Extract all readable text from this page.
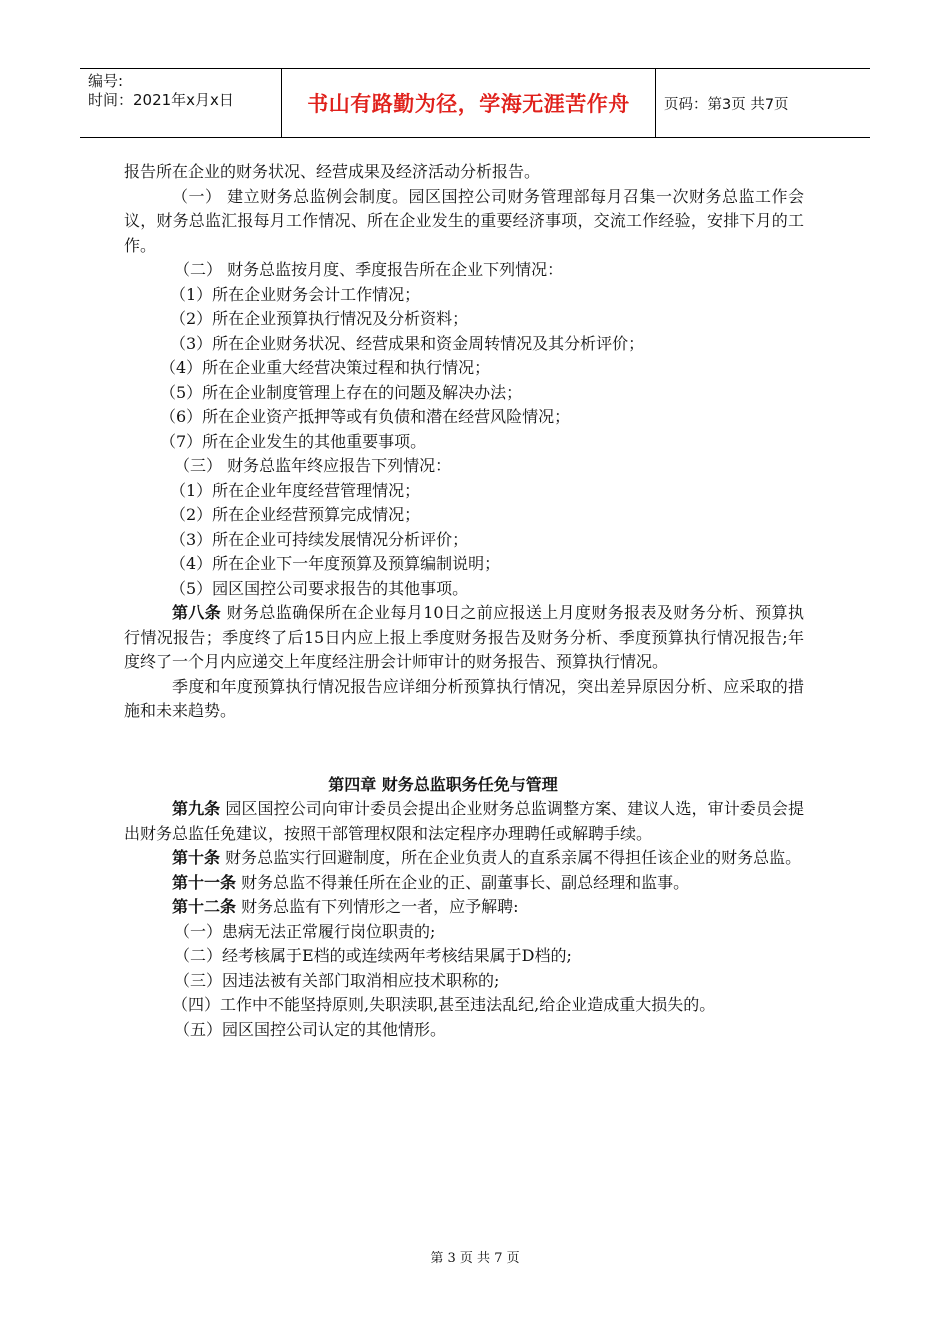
编号:
时间：2021年x月x日	书山有路勤为径，学海无涯苦作舟	页码：第3页 共7页

报告所在企业的财务状况、经营成果及经济活动分析报告。

（一） 建立财务总监例会制度。园区国控公司财务管理部每月召集一次财务总监工作会议，财务总监汇报每月工作情况、所在企业发生的重要经济事项，交流工作经验，安排下月的工作。

（二） 财务总监按月度、季度报告所在企业下列情况：

（1）所在企业财务会计工作情况；

（2）所在企业预算执行情况及分析资料；

（3）所在企业财务状况、经营成果和资金周转情况及其分析评价；

（4）所在企业重大经营决策过程和执行情况；

（5）所在企业制度管理上存在的问题及解决办法；

（6）所在企业资产抵押等或有负债和潜在经营风险情况；

（7）所在企业发生的其他重要事项。

（三） 财务总监年终应报告下列情况：

（1）所在企业年度经营管理情况；

（2）所在企业经营预算完成情况；

（3）所在企业可持续发展情况分析评价；

（4）所在企业下一年度预算及预算编制说明；

（5）园区国控公司要求报告的其他事项。

第八条 财务总监确保所在企业每月10日之前应报送上月度财务报表及财务分析、预算执行情况报告；季度终了后15日内应上报上季度财务报告及财务分析、季度预算执行情况报告;年度终了一个月内应递交上年度经注册会计师审计的财务报告、预算执行情况。

季度和年度预算执行情况报告应详细分析预算执行情况，突出差异原因分析、应采取的措施和未来趋势。

第四章 财务总监职务任免与管理

第九条 园区国控公司向审计委员会提出企业财务总监调整方案、建议人选，审计委员会提出财务总监任免建议，按照干部管理权限和法定程序办理聘任或解聘手续。

第十条 财务总监实行回避制度，所在企业负责人的直系亲属不得担任该企业的财务总监。

第十一条 财务总监不得兼任所在企业的正、副董事长、副总经理和监事。

第十二条 财务总监有下列情形之一者，应予解聘:

（一）患病无法正常履行岗位职责的;

（二）经考核属于E档的或连续两年考核结果属于D档的;

（三）因违法被有关部门取消相应技术职称的;

（四）工作中不能坚持原则,失职渎职,甚至违法乱纪,给企业造成重大损失的。

（五）园区国控公司认定的其他情形。

第 3 页 共 7 页
